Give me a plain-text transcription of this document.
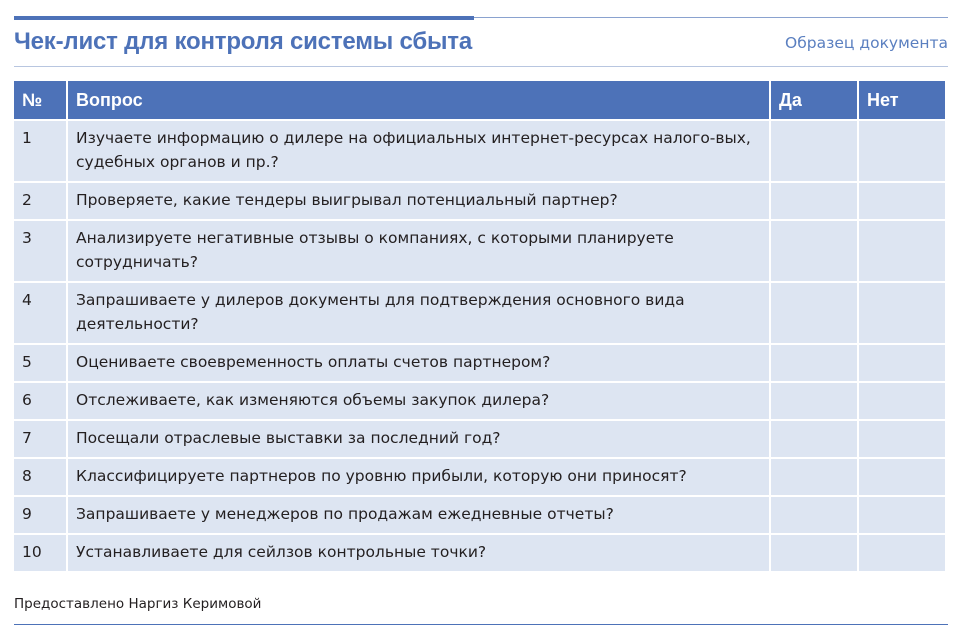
Чек-лист для контроля системы сбыта	Образец документа
№	Вопрос	Да	Нет
1	Изучаете информацию о дилере на официальных интернет-ресурсах налого-вых, судебных органов и пр.?		
2	Проверяете, какие тендеры выигрывал потенциальный партнер?		
3	Анализируете негативные отзывы о компаниях, с которыми планируете сотрудничать?		
4	Запрашиваете у дилеров документы для подтверждения основного вида деятельности?		
5	Оцениваете своевременность оплаты счетов партнером?		
6	Отслеживаете, как изменяются объемы закупок дилера?		
7	Посещали отраслевые выставки за последний год?		
8	Классифицируете партнеров по уровню прибыли, которую они приносят?		
9	Запрашиваете у менеджеров по продажам ежедневные отчеты?		
10	Устанавливаете для сейлзов контрольные точки?		
Предоставлено Наргиз Керимовой
